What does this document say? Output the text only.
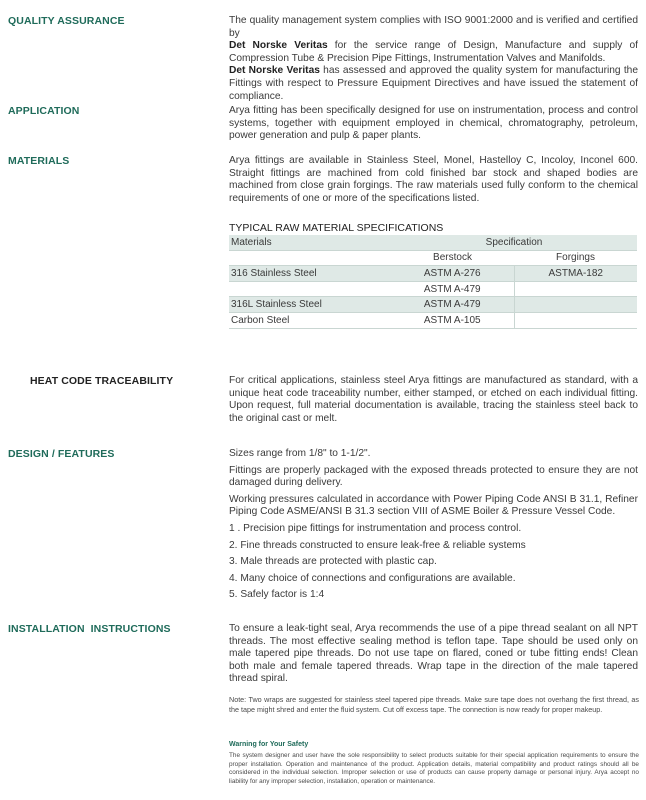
QUALITY ASSURANCE	The quality management system complies with ISO 9001:2000 and is verified and certified by
Det Norske Veritas for the service range of Design, Manufacture and supply of Compression Tube & Precision Pipe Fittings, Instrumentation Valves and Manifolds.

Det Norske Veritas has assessed and approved the quality system for manufacturing the Fittings with respect to Pressure Equipment Directives and have issued the statement of compliance.

APPLICATION	Arya fitting has been specifically designed for use on instrumentation, process and control systems, together with equipment employed in chemical, chromatography, petroleum, power generation and pulp & paper plants.
MATERIALS	Arya fittings are available in Stainless Steel, Monel, Hastelloy C, Incoloy, Inconel 600. Straight fittings are machined from cold finished bar stock and shaped bodies are machined from close grain forgings. The raw materials used fully conform to the chemical requirements of one or more of the specifications listed.
TYPICAL RAW MATERIAL SPECIFICATIONS
Materials	Specification	
	Berstock	Forgings
316 Stainless Steel	ASTM A-276	ASTMA-182
	ASTM A-479	
316L Stainless Steel	ASTM A-479	
Carbon Steel	ASTM A-105	
HEAT CODE TRACEABILITY	For critical applications, stainless steel Arya fittings are manufactured as standard, with a unique heat code traceability number, either stamped, or etched on each individual fitting. Upon request, full material documentation is available, tracing the stainless steel back to the original cast or melt.
DESIGN / FEATURES	Sizes range from 1/8" to 1-1/2".

Fittings are properly packaged with the exposed threads protected to ensure they are not damaged during delivery.

Working pressures calculated in accordance with Power Piping Code ANSI B 31.1, Refiner Piping Code ASME/ANSI B 31.3 section VIII of ASME Boiler & Pressure Vessel Code.

1 . Precision pipe fittings for instrumentation and process control.

2. Fine threads constructed to ensure leak-free & reliable systems

3. Male threads are protected with plastic cap.

4. Many choice of connections and configurations are available.

5. Safely factor is 1:4

INSTALLATION  INSTRUCTIONS	To ensure a leak-tight seal, Arya recommends the use of a pipe thread sealant on all NPT threads. The most effective sealing method is teflon tape. Tape should be used only on male tapered pipe threads. Do not use tape on flared, coned or tube fitting ends! Clean both male and female tapered threads. Wrap tape in the direction of the male tapered thread spiral.
Note: Two wraps are suggested for stainless steel tapered pipe threads. Make sure tape does not overhang the first thread, as the tape might shred and enter the fluid system. Cut off excess tape. The connection is now ready for proper makeup.
Warning for Your Safety
The system designer and user have the sole responsibility to select products suitable for their special application requirements to ensure the proper installation. Operation and maintenance of the product. Application details, material compatibility and product ratings should all be considered in the individual selection. Improper selection or use of products can cause property damage or personal injury. Arya accept no liability for any improper selection, installation, operation or maintenance.
